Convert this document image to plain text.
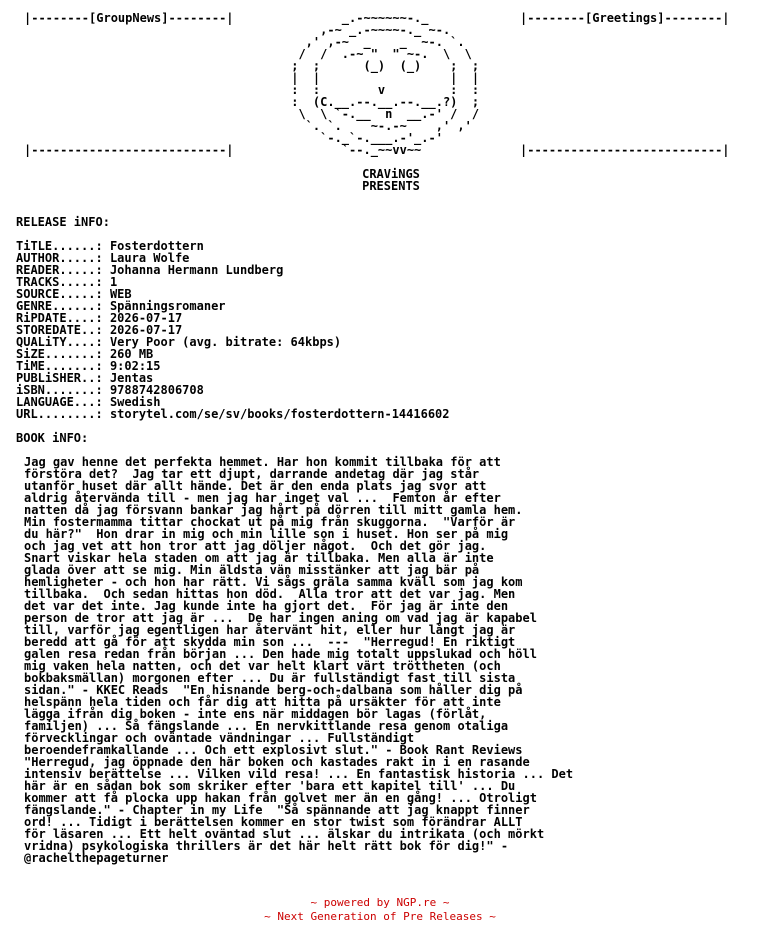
|--------[GroupNews]--------|	|--------[Greetings]--------|
_.-~~~~~~-._
,-~ _.-~~~~-._ ~-.
,' ,-~  _    _  ~-. `.
/  /  .-~ "  " ~-.  \  \
;  ;      (_)  (_)    ;  ;
|  |                  |  |
:  :        v         :  :
:  (C.__.--.__.--.__.?)  ;
\  \ `-.__  n  __.-' /  /
`. `.    ~-.-~    ,' ,'
`-._`-.___.-'_.-'
`--._~~vv~~
|---------------------------|	|---------------------------|
CRAViNGS
PRESENTS
RELEASE iNFO:
TiTLE......: Fosterdottern
AUTHOR.....: Laura Wolfe
READER.....: Johanna Hermann Lundberg
TRACKS.....: 1
SOURCE.....: WEB
GENRE......: Spänningsromaner
RiPDATE....: 2026-07-17
STOREDATE..: 2026-07-17
QUALiTY....: Very Poor (avg. bitrate: 64kbps)
SiZE.......: 260 MB
TiME.......: 9:02:15
PUBLiSHER..: Jentas
iSBN.......: 9788742806708
LANGUAGE...: Swedish
URL........: storytel.com/se/sv/books/fosterdottern-14416602
BOOK iNFO:
Jag gav henne det perfekta hemmet. Har hon kommit tillbaka för att
förstöra det?  Jag tar ett djupt, darrande andetag där jag står
utanför huset där allt hände. Det är den enda plats jag svor att
aldrig återvända till - men jag har inget val ...  Femton år efter
natten då jag försvann bankar jag hårt på dörren till mitt gamla hem.
Min fostermamma tittar chockat ut på mig från skuggorna.  "Varför är
du här?"  Hon drar in mig och min lille son i huset. Hon ser på mig
och jag vet att hon tror att jag döljer något.  Och det gör jag.
Snart viskar hela staden om att jag är tillbaka. Men alla är inte
glada över att se mig. Min äldsta vän misstänker att jag bär på
hemligheter - och hon har rätt. Vi sågs gräla samma kväll som jag kom
tillbaka.  Och sedan hittas hon död.  Alla tror att det var jag. Men
det var det inte. Jag kunde inte ha gjort det.  För jag är inte den
person de tror att jag är ...  De har ingen aning om vad jag är kapabel
till, varför jag egentligen har återvänt hit, eller hur långt jag är
beredd att gå för att skydda min son ...  ---  "Herregud! En riktigt
galen resa redan från början ... Den hade mig totalt uppslukad och höll
mig vaken hela natten, och det var helt klart värt tröttheten (och
bokbaksmällan) morgonen efter ... Du är fullständigt fast till sista
sidan." - KKEC Reads  "En hisnande berg-och-dalbana som håller dig på
helspänn hela tiden och får dig att hitta på ursäkter för att inte
lägga ifrån dig boken - inte ens när middagen bör lagas (förlåt,
familjen) ... Så fängslande ... En nervkittlande resa genom otaliga
förvecklingar och oväntade vändningar ... Fullständigt
beroendeframkallande ... Och ett explosivt slut." - Book Rant Reviews
"Herregud, jag öppnade den här boken och kastades rakt in i en rasande
intensiv berättelse ... Vilken vild resa! ... En fantastisk historia ... Det
här är en sådan bok som skriker efter 'bara ett kapitel till' ... Du
kommer att få plocka upp hakan från golvet mer än en gång! ... Otroligt
fängslande." - Chapter in my Life  "Så spännande att jag knappt finner
ord! ... Tidigt i berättelsen kommer en stor twist som förändrar ALLT
för läsaren ... Ett helt oväntad slut ... älskar du intrikata (och mörkt
vridna) psykologiska thrillers är det här helt rätt bok för dig!" -
@rachelthepageturner

~ powered by NGP.re ~
~ Next Generation of Pre Releases ~
